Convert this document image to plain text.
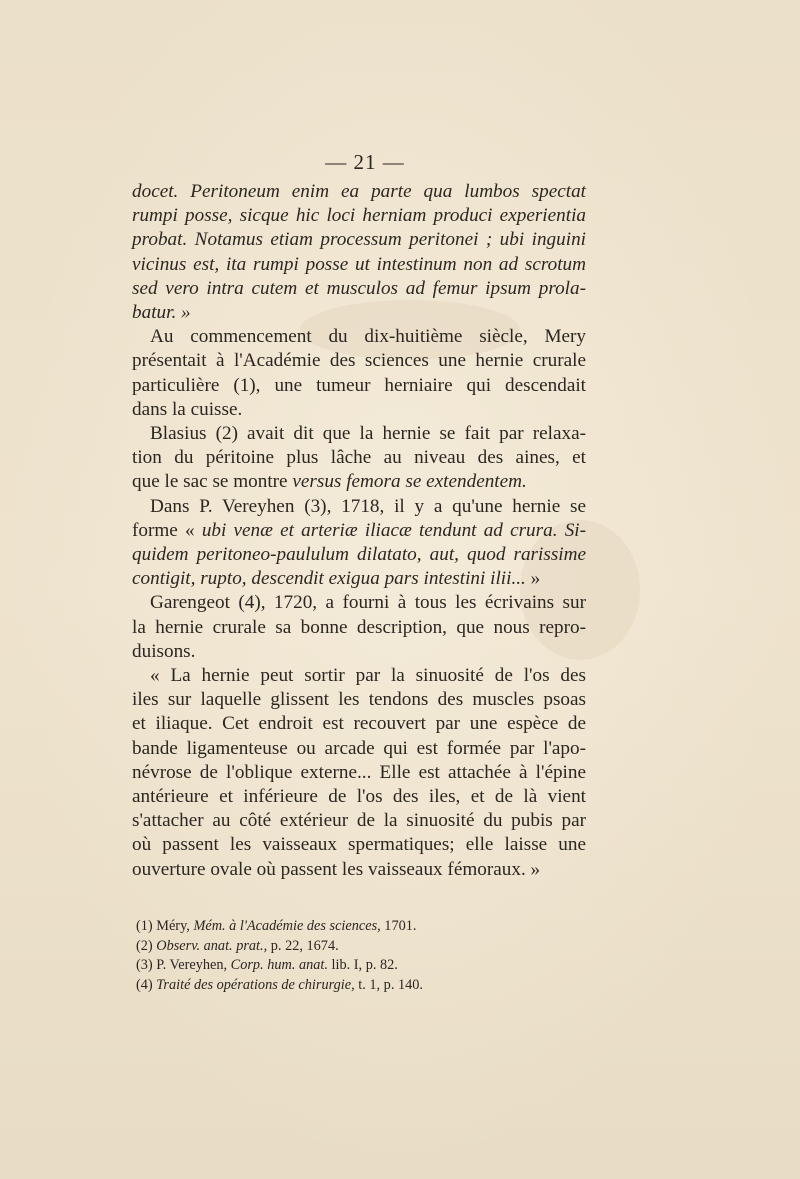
— 21 —
docet. Peritoneum enim ea parte qua lumbos spectat
rumpi posse, sicque hic loci herniam produci experientia
probat. Notamus etiam processum peritonei ; ubi inguini
vicinus est, ita rumpi posse ut intestinum non ad scrotum
sed vero intra cutem et musculos ad femur ipsum prola-
batur. »
Au commencement du dix-huitième siècle, Mery
présentait à l'Académie des sciences une hernie crurale
particulière (1), une tumeur herniaire qui descendait
dans la cuisse.
Blasius (2) avait dit que la hernie se fait par relaxa-
tion du péritoine plus lâche au niveau des aines, et
que le sac se montre versus femora se extendentem.
Dans P. Vereyhen (3), 1718, il y a qu'une hernie se
forme « ubi venæ et arteriæ iliacæ tendunt ad crura. Si-
quidem peritoneo-paululum dilatato, aut, quod rarissime
contigit, rupto, descendit exigua pars intestini ilii... »
Garengeot (4), 1720, a fourni à tous les écrivains sur
la hernie crurale sa bonne description, que nous repro-
duisons.
« La hernie peut sortir par la sinuosité de l'os des
iles sur laquelle glissent les tendons des muscles psoas
et iliaque. Cet endroit est recouvert par une espèce de
bande ligamenteuse ou arcade qui est formée par l'apo-
névrose de l'oblique externe... Elle est attachée à l'épine
antérieure et inférieure de l'os des iles, et de là vient
s'attacher au côté extérieur de la sinuosité du pubis par
où passent les vaisseaux spermatiques; elle laisse une
ouverture ovale où passent les vaisseaux fémoraux. »
(1) Méry, Mém. à l'Académie des sciences, 1701.
(2) Observ. anat. prat., p. 22, 1674.
(3) P. Vereyhen, Corp. hum. anat. lib. I, p. 82.
(4) Traité des opérations de chirurgie, t. 1, p. 140.
